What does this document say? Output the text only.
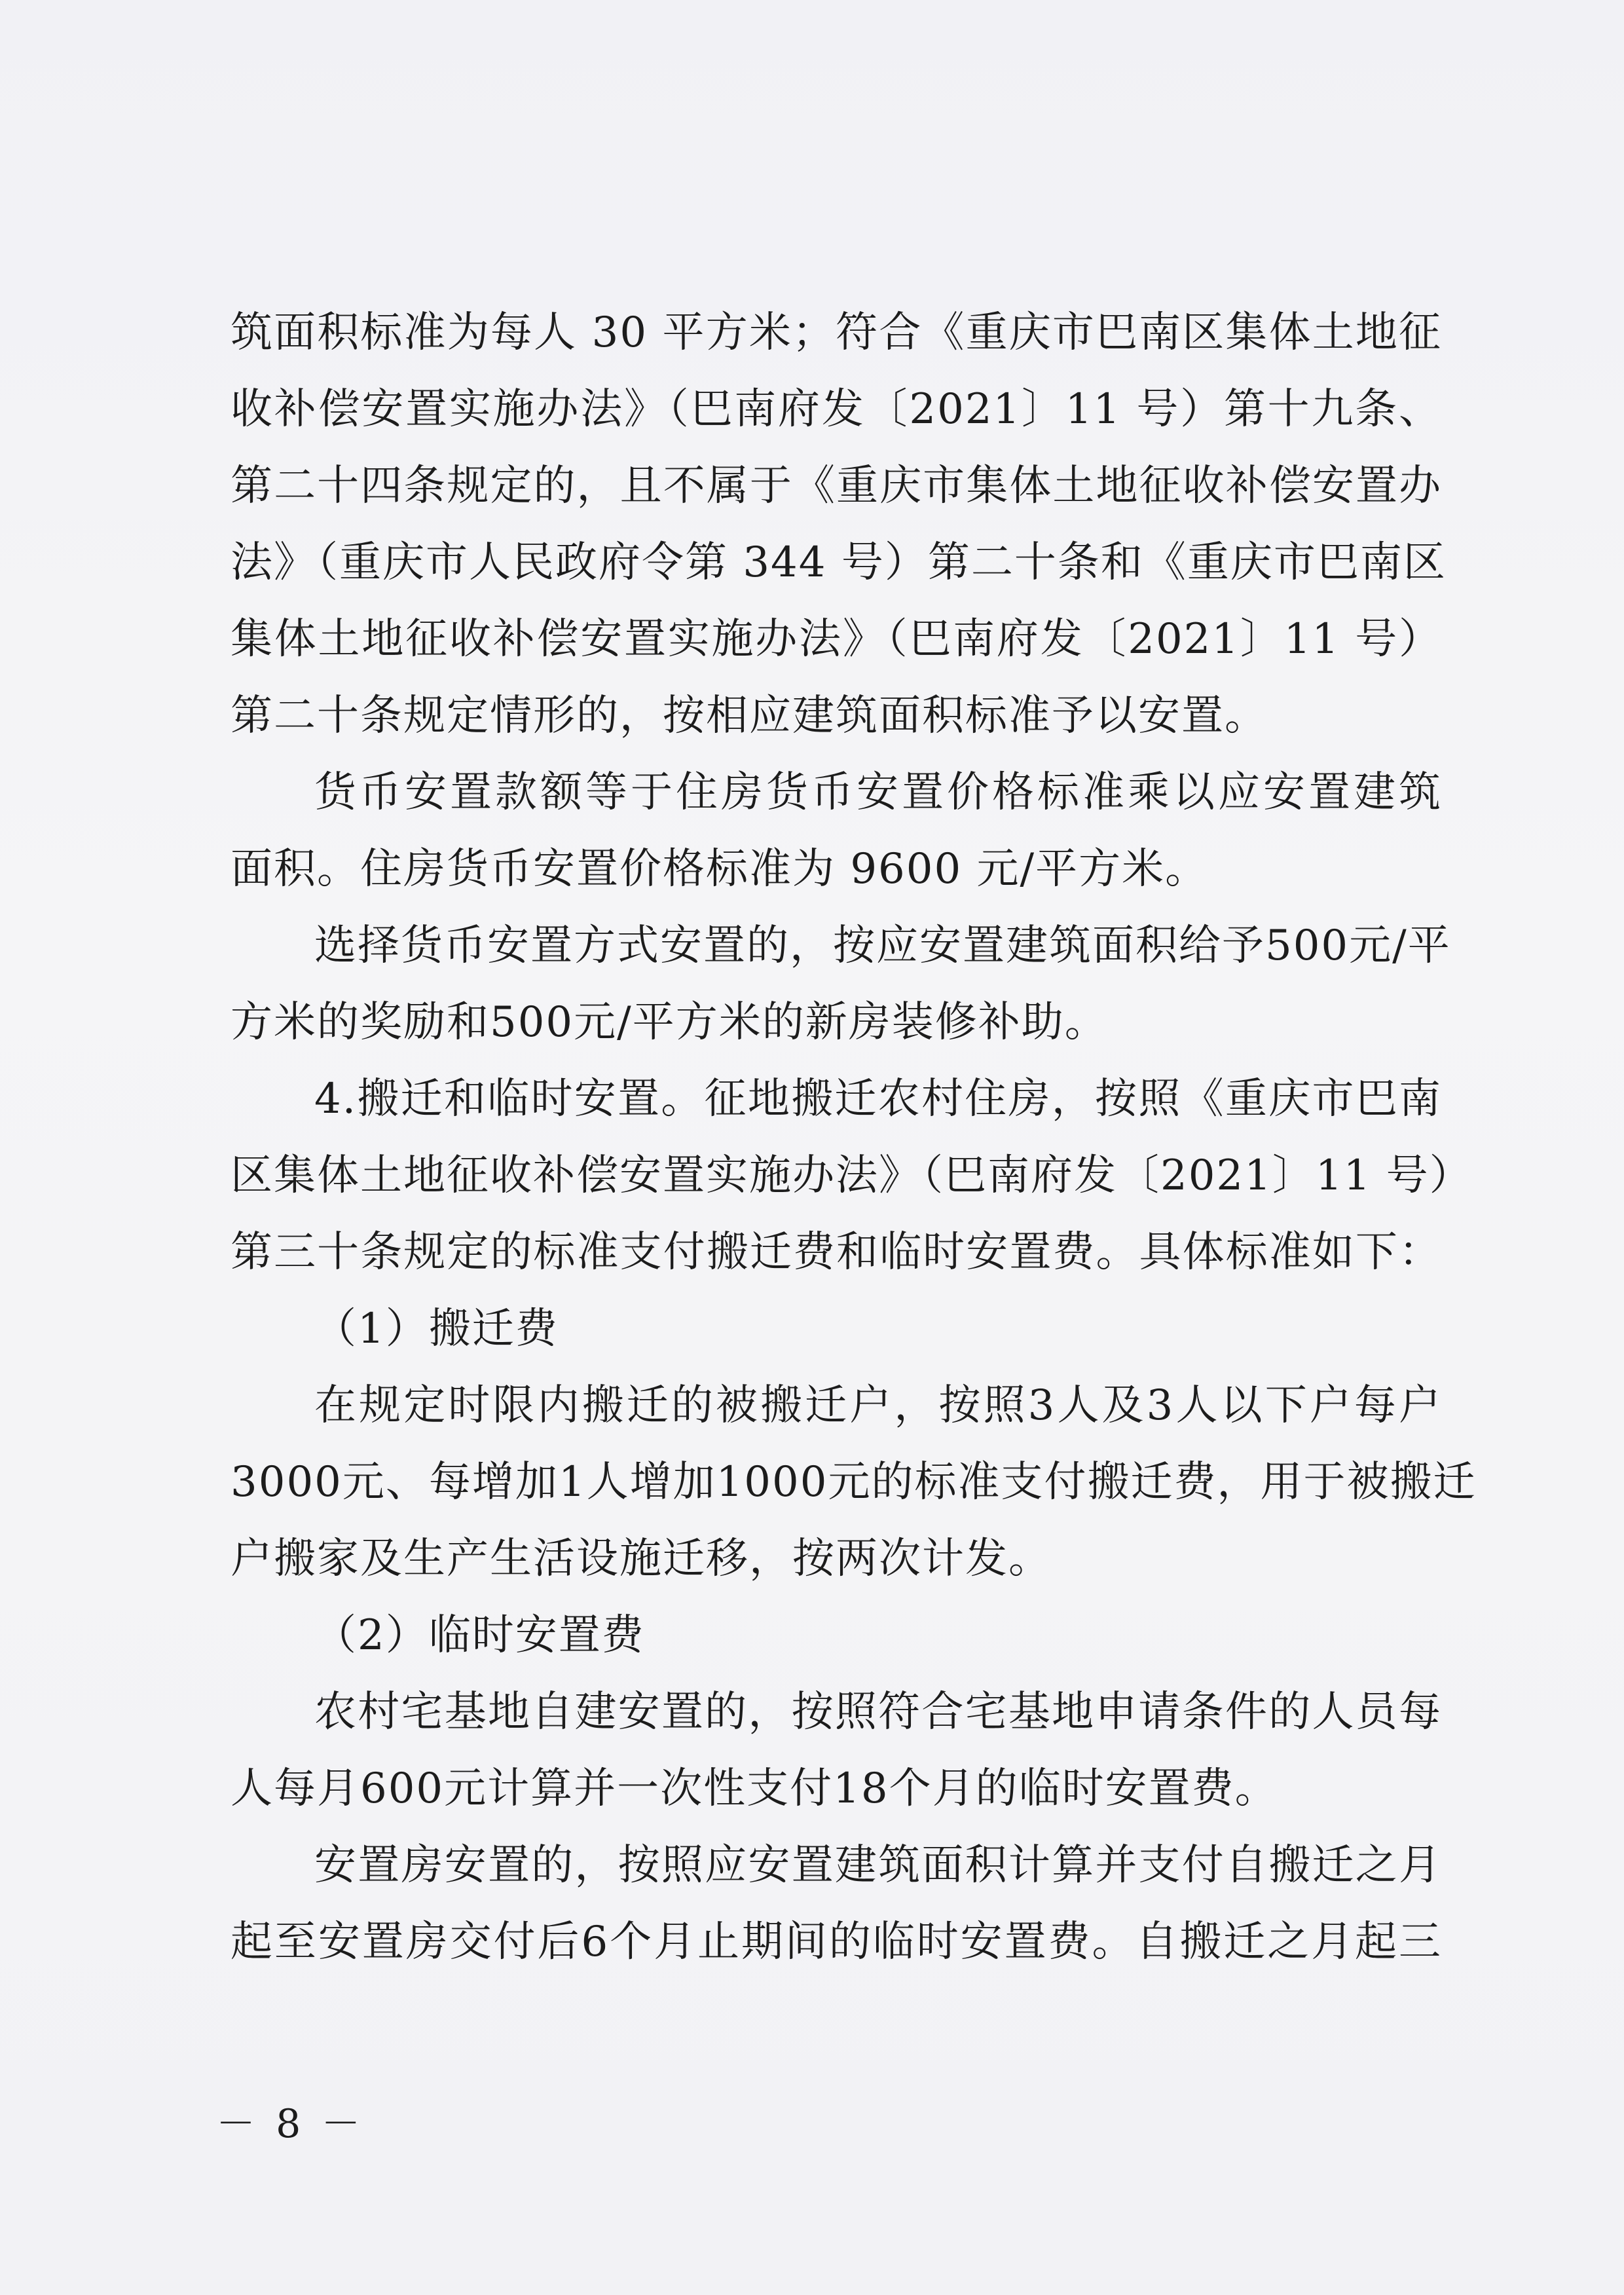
筑面积标准为每人 30 平方米；符合《重庆市巴南区集体土地征
收补偿安置实施办法》（巴南府发〔2021〕11 号）第十九条、
第二十四条规定的，且不属于《重庆市集体土地征收补偿安置办
法》（重庆市人民政府令第 344 号）第二十条和《重庆市巴南区
集体土地征收补偿安置实施办法》（巴南府发〔2021〕11 号）
第二十条规定情形的，按相应建筑面积标准予以安置。
货币安置款额等于住房货币安置价格标准乘以应安置建筑
面积。住房货币安置价格标准为 9600 元/平方米。
选择货币安置方式安置的，按应安置建筑面积给予500元/平
方米的奖励和500元/平方米的新房装修补助。
4.搬迁和临时安置。征地搬迁农村住房，按照《重庆市巴南
区集体土地征收补偿安置实施办法》（巴南府发〔2021〕11 号）
第三十条规定的标准支付搬迁费和临时安置费。具体标准如下：
（1）搬迁费
在规定时限内搬迁的被搬迁户，按照3人及3人以下户每户
3000元、每增加1人增加1000元的标准支付搬迁费，用于被搬迁
户搬家及生产生活设施迁移，按两次计发。
（2）临时安置费
农村宅基地自建安置的，按照符合宅基地申请条件的人员每
人每月600元计算并一次性支付18个月的临时安置费。
安置房安置的，按照应安置建筑面积计算并支付自搬迁之月
起至安置房交付后6个月止期间的临时安置费。自搬迁之月起三
－ 8 －
